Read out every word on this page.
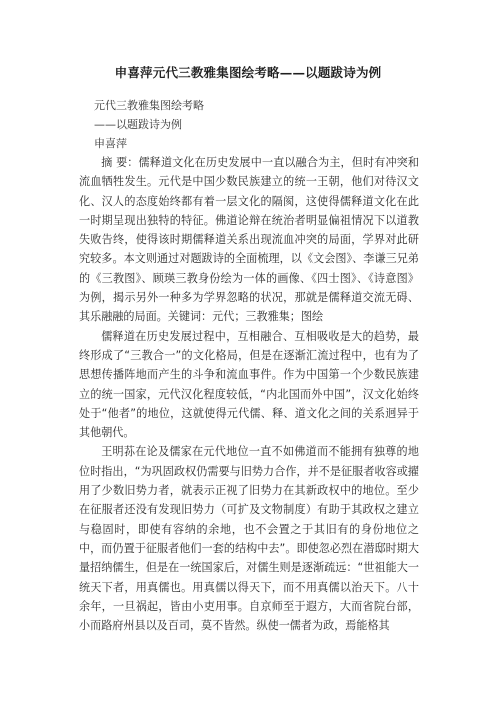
申喜萍元代三教雅集图绘考略——以题跋诗为例
元代三教雅集图绘考略
——以题跋诗为例
申喜萍

摘 要：儒释道文化在历史发展中一直以融合为主，但时有冲突和流血牺牲发生。元代是中国少数民族建立的统一王朝，他们对待汉文化、汉人的态度始终都有着一层文化的隔阂，这使得儒释道文化在此一时期呈现出独特的特征。佛道论辩在统治者明显偏祖情况下以道教失败告终，使得该时期儒释道关系出现流血冲突的局面，学界对此研究较多。本文则通过对题跋诗的全面梳理，以《文会图》、李谦三兄弟的《三教图》、顾瑛三教身份绘为一体的画像、《四士图》、《诗意图》为例，揭示另外一种多为学界忽略的状况，那就是儒释道交流无碍、其乐融融的局面。关键词：元代；三教雅集；图绘

儒释道在历史发展过程中，互相融合、互相吸收是大的趋势，最终形成了“三教合一”的文化格局，但是在逐渐汇流过程中，也有为了思想传播阵地而产生的斗争和流血事件。作为中国第一个少数民族建立的统一国家，元代汉化程度较低，“内北国而外中国”，汉文化始终处于“他者”的地位，这就使得元代儒、释、道文化之间的关系迥异于其他朝代。

王明荪在论及儒家在元代地位一直不如佛道而不能拥有独尊的地位时指出，“为巩固政权仍需要与旧势力合作，并不是征服者收容或擢用了少数旧势力者，就表示正视了旧势力在其新政权中的地位。至少在征服者还没有发现旧势力（可扩及文物制度）有助于其政权之建立与稳固时，即使有容纳的余地，也不会置之于其旧有的身份地位之中，而仍置于征服者他们一套的结构中去”。即使忽必烈在潜邸时期大量招纳儒生，但是在一统国家后，对儒生则是逐渐疏远：“世祖能大一统天下者，用真儒也。用真儒以得天下，而不用真儒以治天下。八十余年，一旦祸起，皆由小吏用事。自京师至于遐方，大而省院台部，小而路府州县以及百司，莫不皆然。纵使一儒者为政，焉能格其
